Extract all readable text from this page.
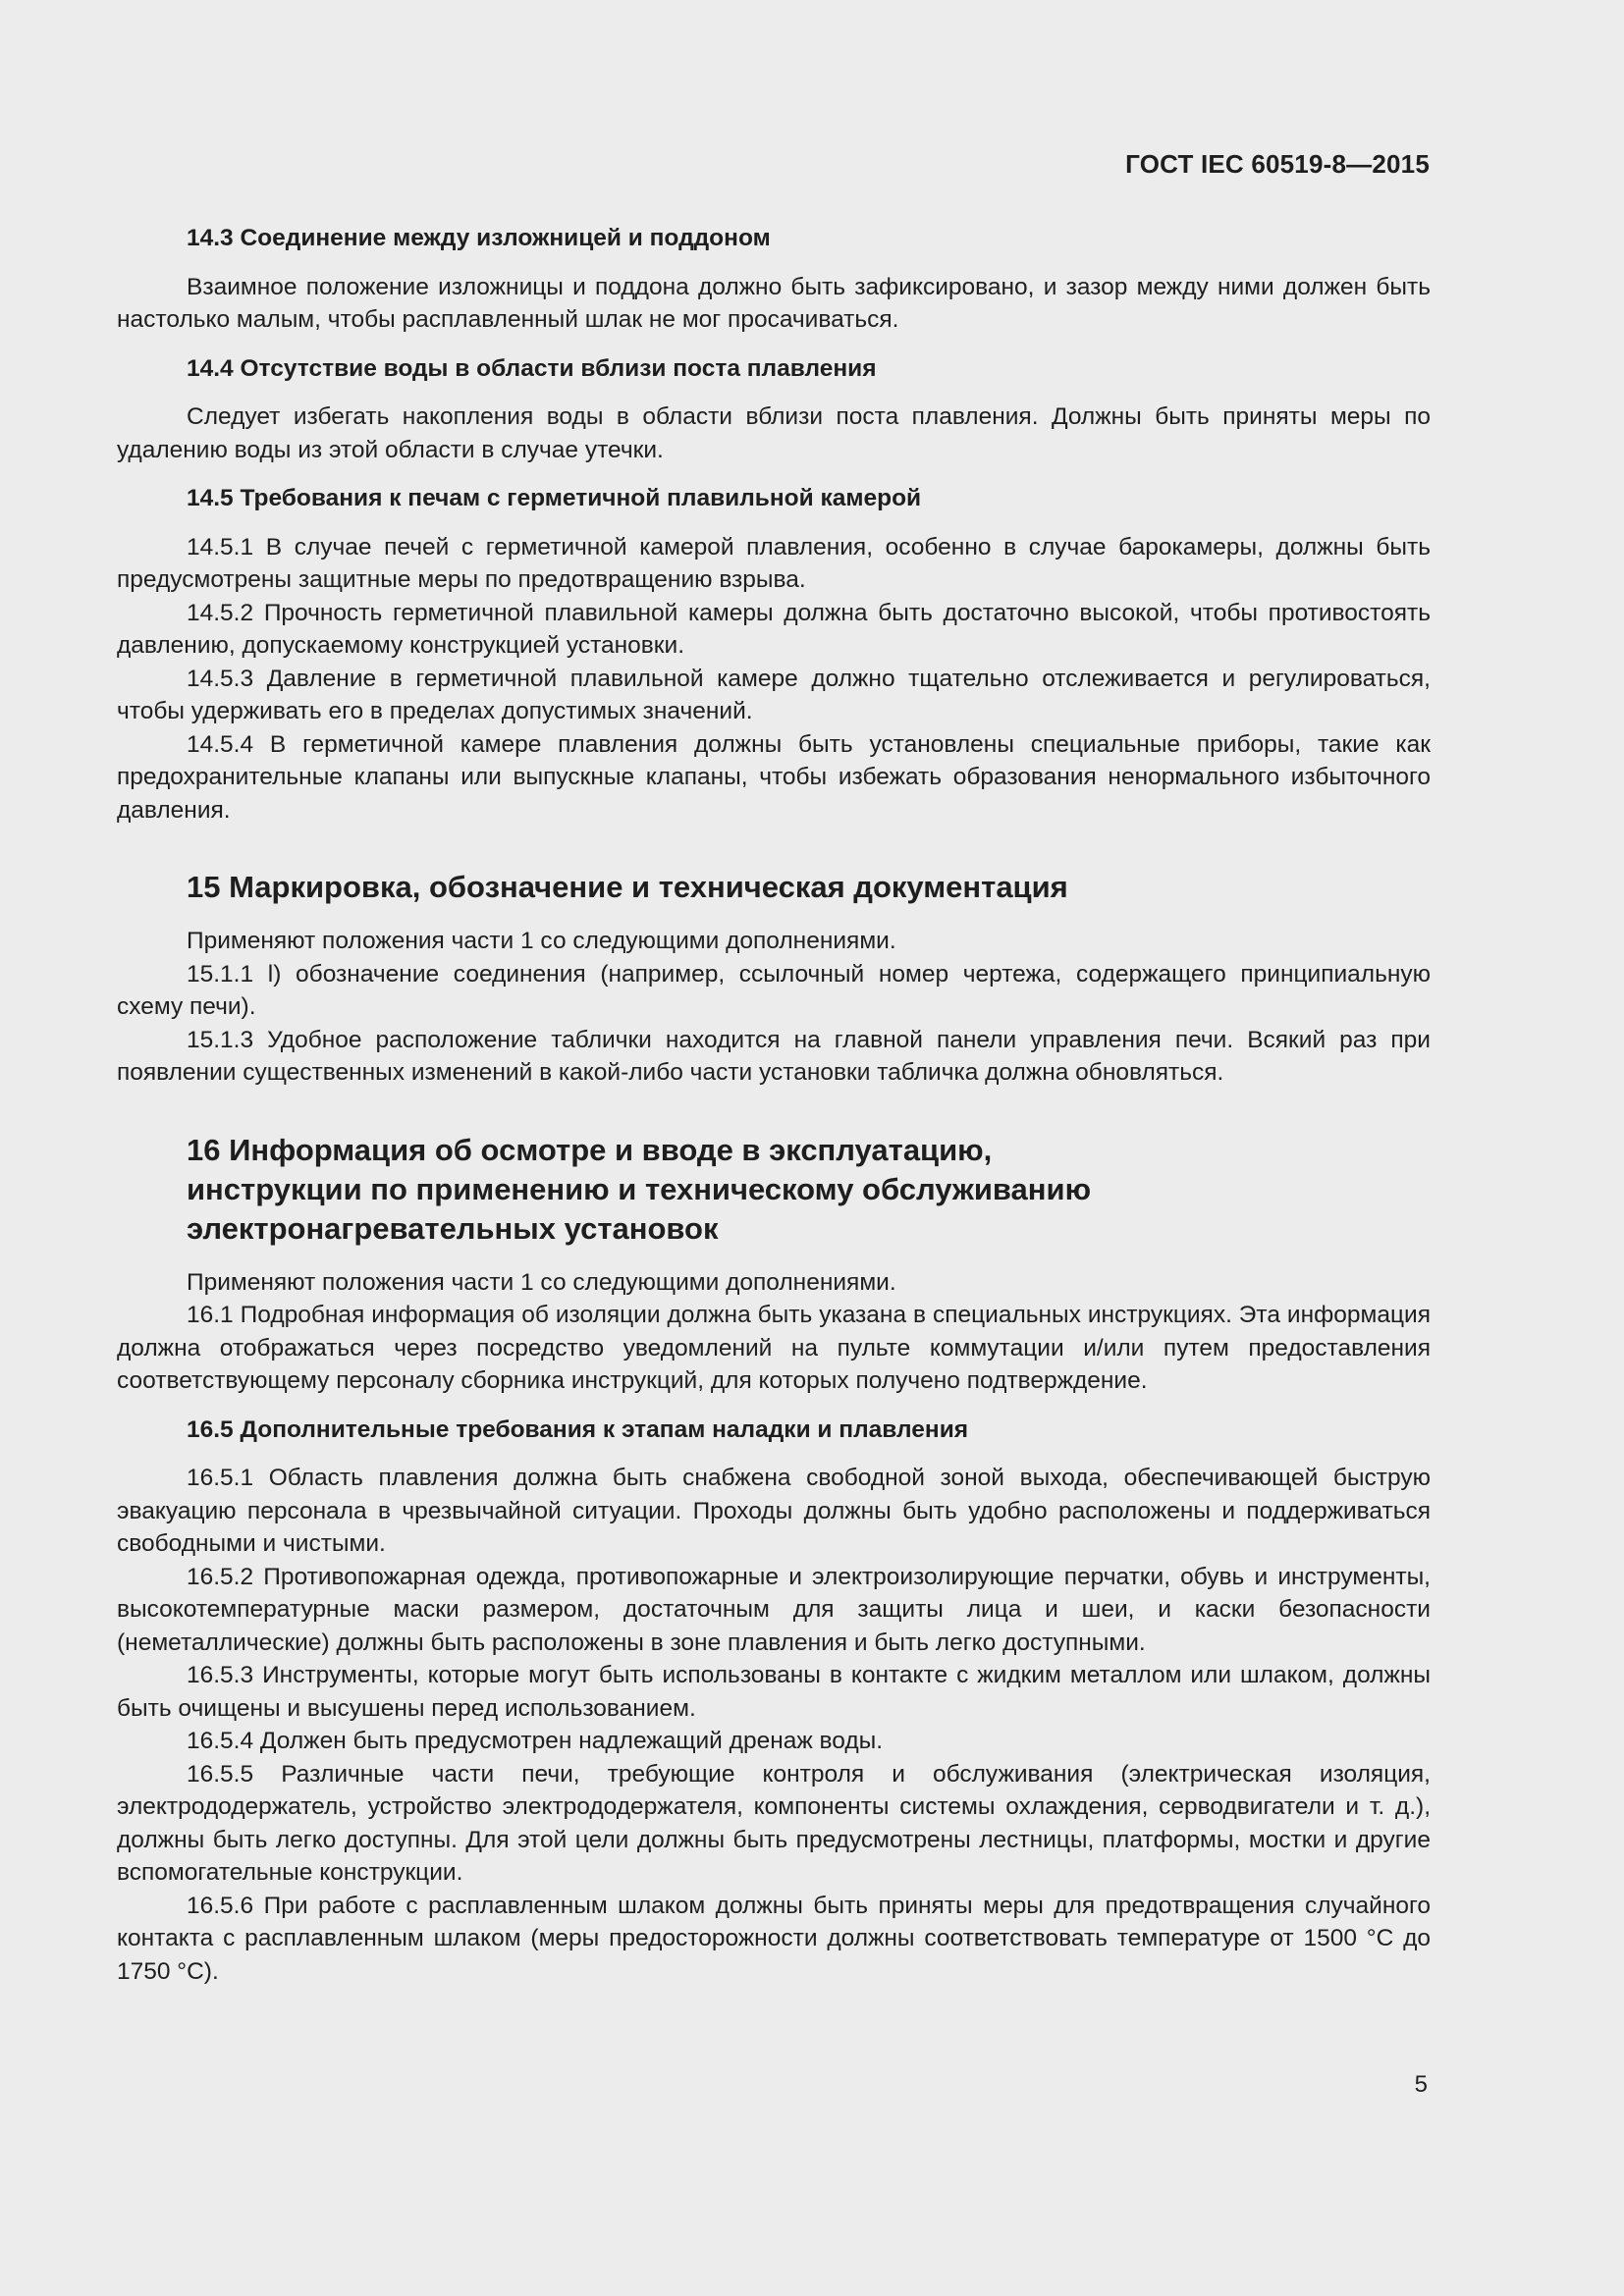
ГОСТ IEC 60519-8—2015
14.3 Соединение между изложницей и поддоном

Взаимное положение изложницы и поддона должно быть зафиксировано, и зазор между ними должен быть настолько малым, чтобы расплавленный шлак не мог просачиваться.

14.4 Отсутствие воды в области вблизи поста плавления

Следует избегать накопления воды в области вблизи поста плавления. Должны быть приняты меры по удалению воды из этой области в случае утечки.

14.5 Требования к печам с герметичной плавильной камерой

14.5.1 В случае печей с герметичной камерой плавления, особенно в случае барокамеры, должны быть предусмотрены защитные меры по предотвращению взрыва.

14.5.2 Прочность герметичной плавильной камеры должна быть достаточно высокой, чтобы противостоять давлению, допускаемому конструкцией установки.

14.5.3 Давление в герметичной плавильной камере должно тщательно отслеживается и регулироваться, чтобы удерживать его в пределах допустимых значений.

14.5.4 В герметичной камере плавления должны быть установлены специальные приборы, такие как предохранительные клапаны или выпускные клапаны, чтобы избежать образования ненормального избыточного давления.

15 Маркировка, обозначение и техническая документация

Применяют положения части 1 со следующими дополнениями.

15.1.1 l) обозначение соединения (например, ссылочный номер чертежа, содержащего принципиальную схему печи).

15.1.3 Удобное расположение таблички находится на главной панели управления печи. Всякий раз при появлении существенных изменений в какой-либо части установки табличка должна обновляться.

16 Информация об осмотре и вводе в эксплуатацию,
инструкции по применению и техническому обслуживанию
электронагревательных установок

Применяют положения части 1 со следующими дополнениями.

16.1 Подробная информация об изоляции должна быть указана в специальных инструкциях. Эта информация должна отображаться через посредство уведомлений на пульте коммутации и/или путем предоставления соответствующему персоналу сборника инструкций, для которых получено подтверждение.

16.5 Дополнительные требования к этапам наладки и плавления

16.5.1 Область плавления должна быть снабжена свободной зоной выхода, обеспечивающей быструю эвакуацию персонала в чрезвычайной ситуации. Проходы должны быть удобно расположены и поддерживаться свободными и чистыми.

16.5.2 Противопожарная одежда, противопожарные и электроизолирующие перчатки, обувь и инструменты, высокотемпературные маски размером, достаточным для защиты лица и шеи, и каски безопасности (неметаллические) должны быть расположены в зоне плавления и быть легко доступными.

16.5.3 Инструменты, которые могут быть использованы в контакте с жидким металлом или шлаком, должны быть очищены и высушены перед использованием.

16.5.4 Должен быть предусмотрен надлежащий дренаж воды.

16.5.5 Различные части печи, требующие контроля и обслуживания (электрическая изоляция, электрододержатель, устройство электрододержателя, компоненты системы охлаждения, серводвигатели и т. д.), должны быть легко доступны. Для этой цели должны быть предусмотрены лестницы, платформы, мостки и другие вспомогательные конструкции.

16.5.6 При работе с расплавленным шлаком должны быть приняты меры для предотвращения случайного контакта с расплавленным шлаком (меры предосторожности должны соответствовать температуре от 1500 °С до 1750 °С).

5
